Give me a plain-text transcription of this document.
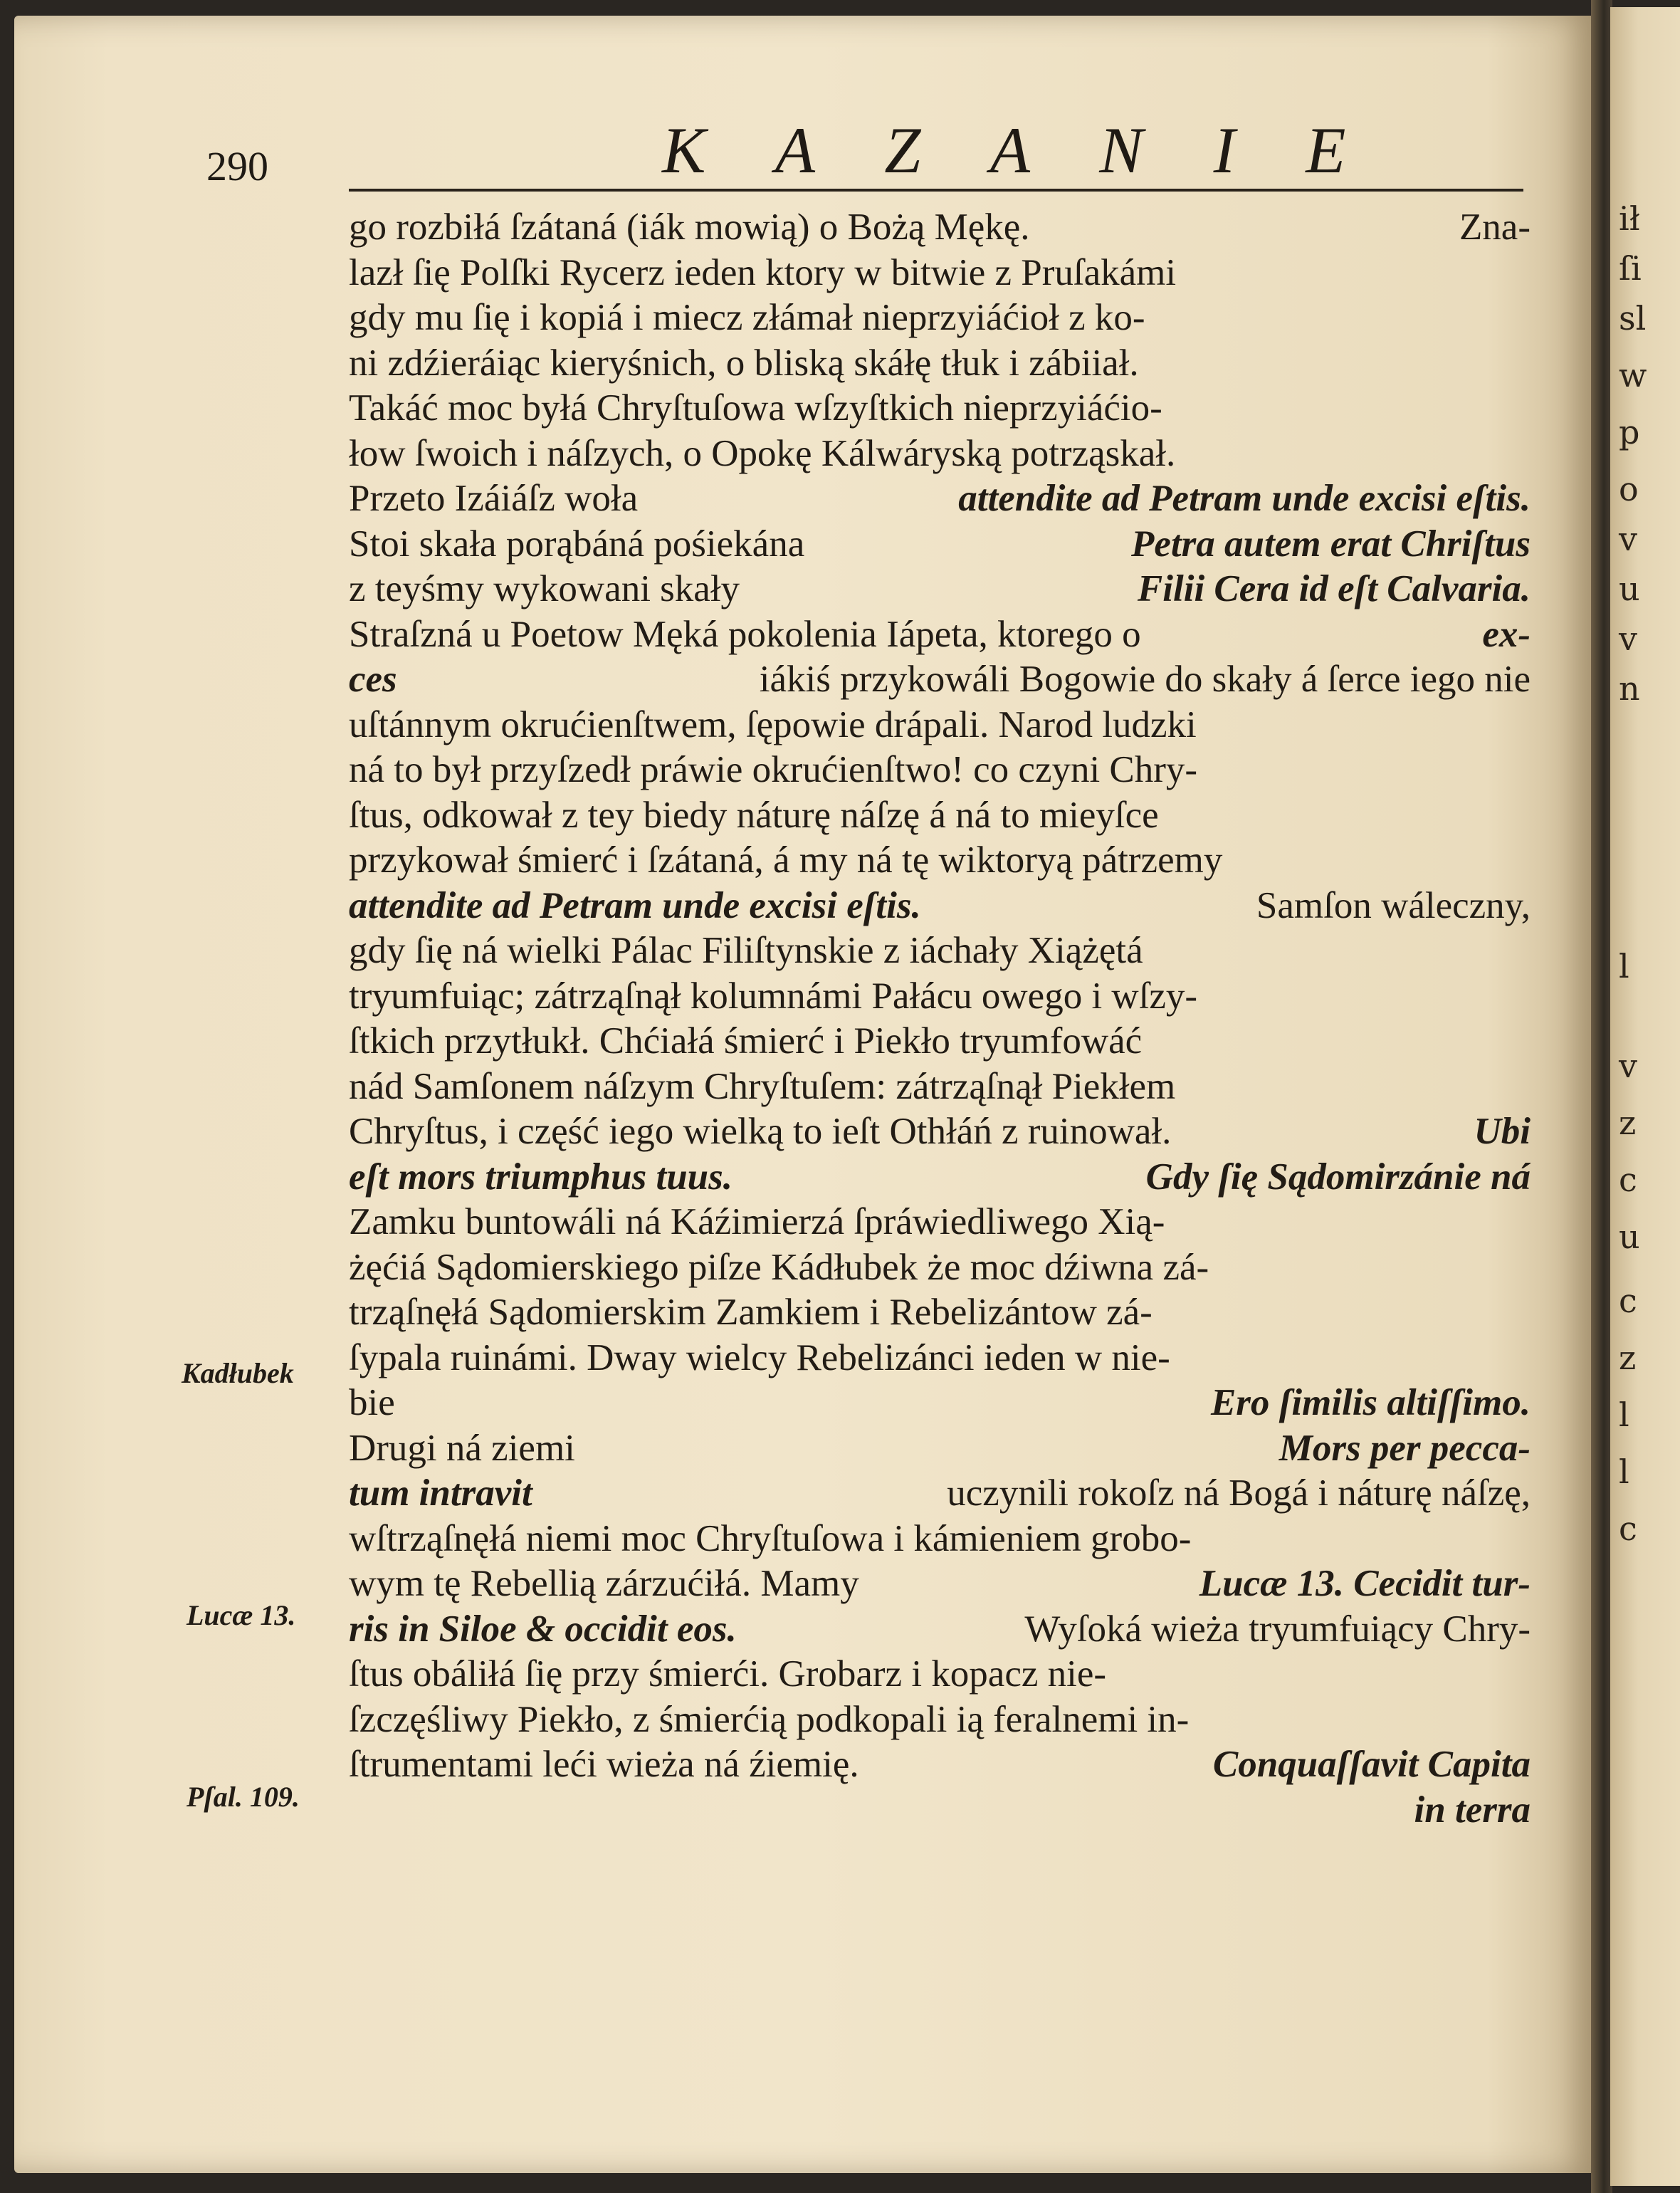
ił
ſi
sl
w
p
o
v
u
v
n
l
v
z
c
u
c
z
l
l
c
290	K A Z A N I E
go rozbiłá ſzátaná (iák mowią) o Bożą Mękę.	Zna-
lazł ſię Polſki Rycerz ieden ktory w bitwie z Pruſakámi
gdy mu ſię i kopiá i miecz złámał nieprzyiáćioł z ko-
ni zdźieráiąc kieryśnich, o bliską skáłę tłuk i zábiiał.
Takáć moc byłá Chryſtuſowa wſzyſtkich nieprzyiáćio-
łow ſwoich i náſzych, o Opokę Kálwáryską potrząskał.
Przeto Izáiáſz woła	attendite ad Petram unde excisi eſtis.
Stoi skała porąbáná pośiekána	Petra autem erat Chriſtus
z teyśmy wykowani skały	Filii Cera id eſt Calvaria.
Straſzná u Poetow Męká pokolenia Iápeta, ktorego o	ex-
ces	iákiś przykowáli Bogowie do skały á ſerce iego nie
uſtánnym okrućienſtwem, ſępowie drápali. Narod ludzki
ná to był przyſzedł práwie okrućienſtwo! co czyni Chry-
ſtus, odkował z tey biedy náturę náſzę á ná to mieyſce
przykował śmierć i ſzátaná, á my ná tę wiktoryą pátrzemy
attendite ad Petram unde excisi eſtis.	Samſon wáleczny,
gdy ſię ná wielki Pálac Filiſtynskie z iáchały Xiążętá
tryumfuiąc; zátrząſnął kolumnámi Pałácu owego i wſzy-
ſtkich przytłukł. Chćiałá śmierć i Piekło tryumfowáć
nád Samſonem náſzym Chryſtuſem: zátrząſnął Piekłem
Chryſtus, i część iego wielką to ieſt Othłáń z ruinował.	Ubi
eſt mors triumphus tuus.	Gdy ſię Sądomirzánie ná
Zamku buntowáli ná Káźimierzá ſpráwiedliwego Xią-
żęćiá Sądomierskiego piſze Kádłubek że moc dźiwna zá-
trząſnęłá Sądomierskim Zamkiem i Rebelizántow zá-
ſypala ruinámi. Dway wielcy Rebelizánci ieden w nie-
bie	Ero ſimilis altiſſimo.
Drugi ná ziemi	Mors per pecca-
tum intravit	uczynili rokoſz ná Bogá i náturę náſzę,
wſtrząſnęłá niemi moc Chryſtuſowa i kámieniem grobo-
wym tę Rebellią zárzućiłá. Mamy	Lucæ 13. Cecidit tur-
ris in Siloe & occidit eos.	Wyſoká wieża tryumfuiący Chry-
ſtus obáliłá ſię przy śmierći. Grobarz i kopacz nie-
ſzczęśliwy Piekło, z śmierćią podkopali ią feralnemi in-
ſtrumentami leći wieża ná źiemię.	Conquaſſavit Capita
in terra
Kadłubek
Lucæ 13.
Pſal. 109.
